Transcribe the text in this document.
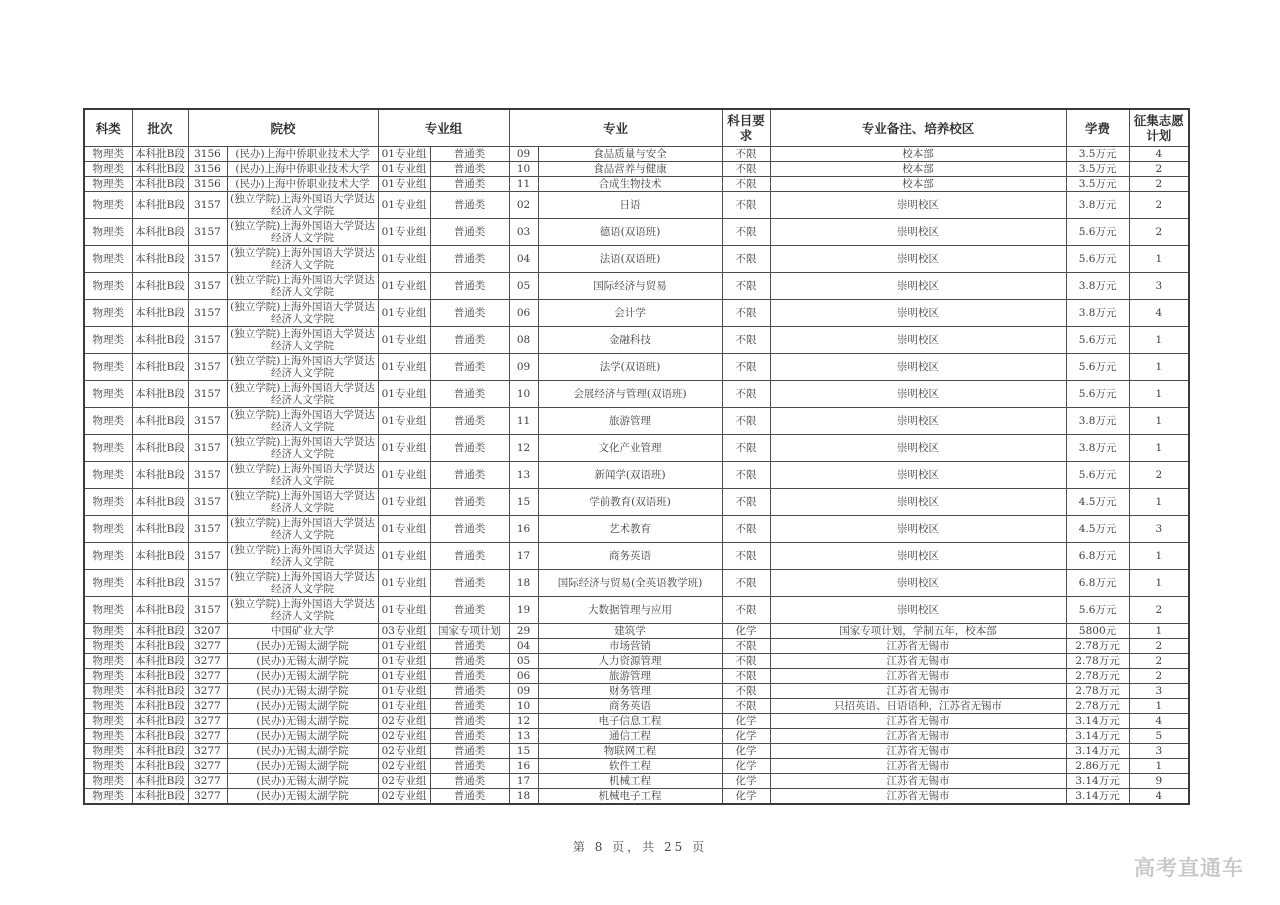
科类	批次	院校		专业组		专业		科目要求	专业备注、培养校区	学费	征集志愿计划
物理类	本科批B段	3156	(民办)上海中侨职业技术大学	01专业组	普通类	09	食品质量与安全	不限	校本部	3.5万元	4
物理类	本科批B段	3156	(民办)上海中侨职业技术大学	01专业组	普通类	10	食品营养与健康	不限	校本部	3.5万元	2
物理类	本科批B段	3156	(民办)上海中侨职业技术大学	01专业组	普通类	11	合成生物技术	不限	校本部	3.5万元	2
物理类	本科批B段	3157	(独立学院)上海外国语大学贤达经济人文学院	01专业组	普通类	02	日语	不限	崇明校区	3.8万元	2
物理类	本科批B段	3157	(独立学院)上海外国语大学贤达经济人文学院	01专业组	普通类	03	德语(双语班)	不限	崇明校区	5.6万元	2
物理类	本科批B段	3157	(独立学院)上海外国语大学贤达经济人文学院	01专业组	普通类	04	法语(双语班)	不限	崇明校区	5.6万元	1
物理类	本科批B段	3157	(独立学院)上海外国语大学贤达经济人文学院	01专业组	普通类	05	国际经济与贸易	不限	崇明校区	3.8万元	3
物理类	本科批B段	3157	(独立学院)上海外国语大学贤达经济人文学院	01专业组	普通类	06	会计学	不限	崇明校区	3.8万元	4
物理类	本科批B段	3157	(独立学院)上海外国语大学贤达经济人文学院	01专业组	普通类	08	金融科技	不限	崇明校区	5.6万元	1
物理类	本科批B段	3157	(独立学院)上海外国语大学贤达经济人文学院	01专业组	普通类	09	法学(双语班)	不限	崇明校区	5.6万元	1
物理类	本科批B段	3157	(独立学院)上海外国语大学贤达经济人文学院	01专业组	普通类	10	会展经济与管理(双语班)	不限	崇明校区	5.6万元	1
物理类	本科批B段	3157	(独立学院)上海外国语大学贤达经济人文学院	01专业组	普通类	11	旅游管理	不限	崇明校区	3.8万元	1
物理类	本科批B段	3157	(独立学院)上海外国语大学贤达经济人文学院	01专业组	普通类	12	文化产业管理	不限	崇明校区	3.8万元	1
物理类	本科批B段	3157	(独立学院)上海外国语大学贤达经济人文学院	01专业组	普通类	13	新闻学(双语班)	不限	崇明校区	5.6万元	2
物理类	本科批B段	3157	(独立学院)上海外国语大学贤达经济人文学院	01专业组	普通类	15	学前教育(双语班)	不限	崇明校区	4.5万元	1
物理类	本科批B段	3157	(独立学院)上海外国语大学贤达经济人文学院	01专业组	普通类	16	艺术教育	不限	崇明校区	4.5万元	3
物理类	本科批B段	3157	(独立学院)上海外国语大学贤达经济人文学院	01专业组	普通类	17	商务英语	不限	崇明校区	6.8万元	1
物理类	本科批B段	3157	(独立学院)上海外国语大学贤达经济人文学院	01专业组	普通类	18	国际经济与贸易(全英语教学班)	不限	崇明校区	6.8万元	1
物理类	本科批B段	3157	(独立学院)上海外国语大学贤达经济人文学院	01专业组	普通类	19	大数据管理与应用	不限	崇明校区	5.6万元	2
物理类	本科批B段	3207	中国矿业大学	03专业组	国家专项计划	29	建筑学	化学	国家专项计划，学制五年，校本部	5800元	1
物理类	本科批B段	3277	(民办)无锡太湖学院	01专业组	普通类	04	市场营销	不限	江苏省无锡市	2.78万元	2
物理类	本科批B段	3277	(民办)无锡太湖学院	01专业组	普通类	05	人力资源管理	不限	江苏省无锡市	2.78万元	2
物理类	本科批B段	3277	(民办)无锡太湖学院	01专业组	普通类	06	旅游管理	不限	江苏省无锡市	2.78万元	2
物理类	本科批B段	3277	(民办)无锡太湖学院	01专业组	普通类	09	财务管理	不限	江苏省无锡市	2.78万元	3
物理类	本科批B段	3277	(民办)无锡太湖学院	01专业组	普通类	10	商务英语	不限	只招英语、日语语种，江苏省无锡市	2.78万元	1
物理类	本科批B段	3277	(民办)无锡太湖学院	02专业组	普通类	12	电子信息工程	化学	江苏省无锡市	3.14万元	4
物理类	本科批B段	3277	(民办)无锡太湖学院	02专业组	普通类	13	通信工程	化学	江苏省无锡市	3.14万元	5
物理类	本科批B段	3277	(民办)无锡太湖学院	02专业组	普通类	15	物联网工程	化学	江苏省无锡市	3.14万元	3
物理类	本科批B段	3277	(民办)无锡太湖学院	02专业组	普通类	16	软件工程	化学	江苏省无锡市	2.86万元	1
物理类	本科批B段	3277	(民办)无锡太湖学院	02专业组	普通类	17	机械工程	化学	江苏省无锡市	3.14万元	9
物理类	本科批B段	3277	(民办)无锡太湖学院	02专业组	普通类	18	机械电子工程	化学	江苏省无锡市	3.14万元	4
第 8 页，共 25 页
高考直通车
